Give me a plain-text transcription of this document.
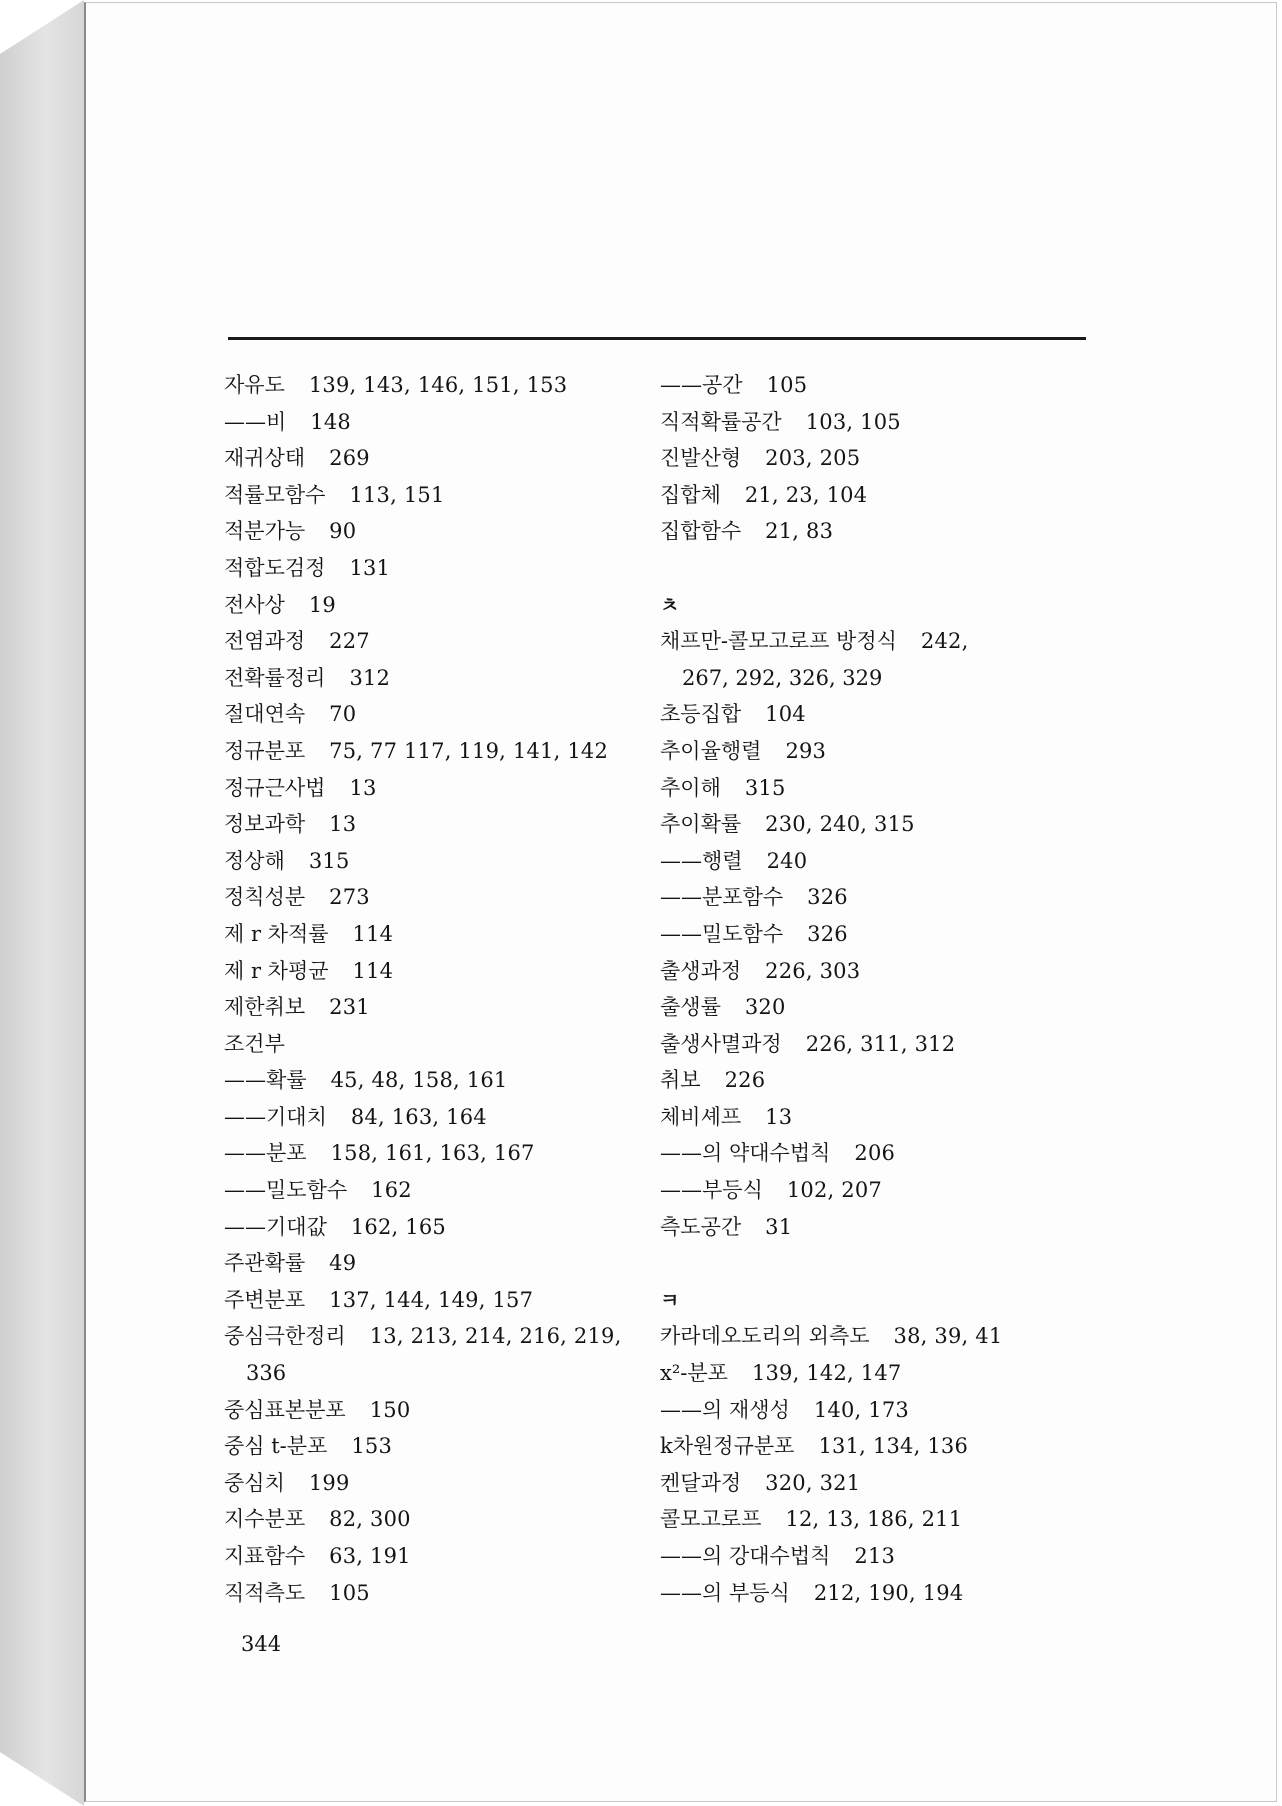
자유도 139, 143, 146, 151, 153
——비 148
재귀상태 269
적률모함수 113, 151
적분가능 90
적합도검정 131
전사상 19
전염과정 227
전확률정리 312
절대연속 70
정규분포 75, 77 117, 119, 141, 142
정규근사법 13
정보과학 13
정상해 315
정칙성분 273
제 r 차적률 114
제 r 차평균 114
제한취보 231
조건부
——확률 45, 48, 158, 161
——기대치 84, 163, 164
——분포 158, 161, 163, 167
——밀도함수 162
——기대값 162, 165
주관확률 49
주변분포 137, 144, 149, 157
중심극한정리 13, 213, 214, 216, 219,
336
중심표본분포 150
중심 t-분포 153
중심치 199
지수분포 82, 300
지표함수 63, 191
직적측도 105
——공간 105
직적확률공간 103, 105
진발산형 203, 205
집합체 21, 23, 104
집합함수 21, 83
ㅊ
채프만-콜모고로프 방정식 242,
267, 292, 326, 329
초등집합 104
추이율행렬 293
추이해 315
추이확률 230, 240, 315
——행렬 240
——분포함수 326
——밀도함수 326
출생과정 226, 303
출생률 320
출생사멸과정 226, 311, 312
취보 226
체비셰프 13
——의 약대수법칙 206
——부등식 102, 207
측도공간 31
ㅋ
카라데오도리의 외측도 38, 39, 41
x²-분포 139, 142, 147
——의 재생성 140, 173
k차원정규분포 131, 134, 136
켄달과정 320, 321
콜모고로프 12, 13, 186, 211
——의 강대수법칙 213
——의 부등식 212, 190, 194
344
